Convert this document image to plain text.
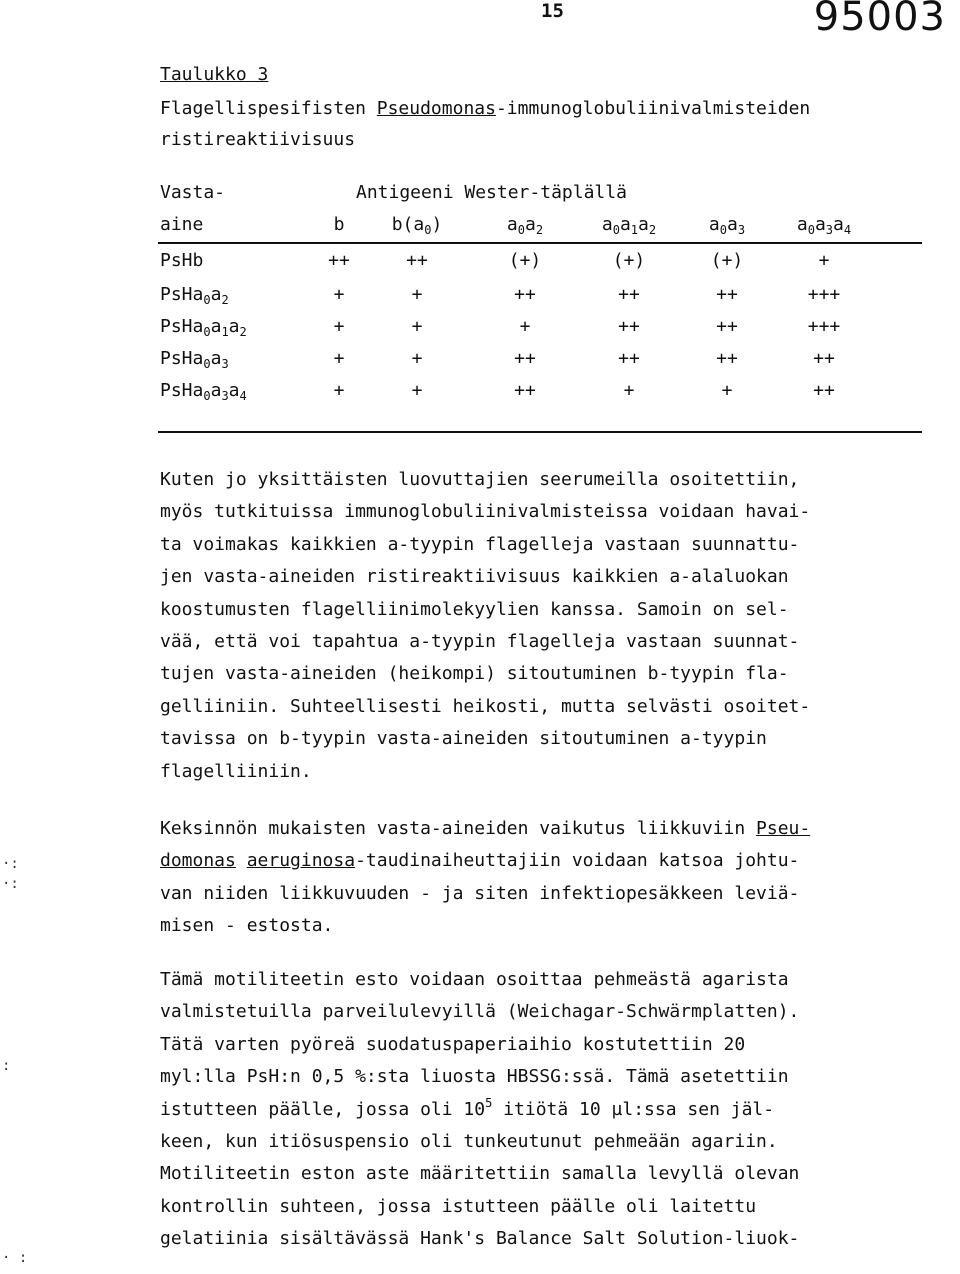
15	95003
Taulukko 3
Flagellispesifisten Pseudomonas-immunoglobuliinivalmisteiden
ristireaktiivisuus
Vasta-	Antigeeni Wester-täplällä
aine	b	$b(a_0)$	$a_0a_2$	$a_0a_1a_2$	$a_0a_3$	$a_0a_3a_4$
PsHb	++	++	(+)	(+)	(+)	+
$PsHa_0a_2$	+	+	++	++	++	+++
$PsHa_0a_1a_2$	+	+	+	++	++	+++
$PsHa_0a_3$	+	+	++	++	++	++
$PsHa_0a_3a_4$	+	+	++	+	+	++
Kuten jo yksittäisten luovuttajien seerumeilla osoitettiin,
myös tutkituissa immunoglobuliinivalmisteissa voidaan havai-
ta voimakas kaikkien a-tyypin flagelleja vastaan suunnattu-
jen vasta-aineiden ristireaktiivisuus kaikkien a-alaluokan
koostumusten flagelliinimolekyylien kanssa. Samoin on sel-
vää, että voi tapahtua a-tyypin flagelleja vastaan suunnat-
tujen vasta-aineiden (heikompi) sitoutuminen b-tyypin fla-
gelliiniin. Suhteellisesti heikosti, mutta selvästi osoitet-
tavissa on b-tyypin vasta-aineiden sitoutuminen a-tyypin
flagelliiniin.
Keksinnön mukaisten vasta-aineiden vaikutus liikkuviin Pseu-
domonas aeruginosa-taudinaiheuttajiin voidaan katsoa johtu-
van niiden liikkuvuuden - ja siten infektiopesäkkeen leviä-
misen - estosta.
Tämä motiliteetin esto voidaan osoittaa pehmeästä agarista
valmistetuilla parveilulevyillä (Weichagar-Schwärmplatten).
Tätä varten pyöreä suodatuspaperiaihio kostutettiin 20
myl:lla PsH:n 0,5 %:sta liuosta HBSSG:ssä. Tämä asetettiin
istutteen päälle, jossa oli $10^5$ itiötä 10 µl:ssa sen jäl-
keen, kun itiösuspensio oli tunkeutunut pehmeään agariin.
Motiliteetin eston aste määritettiin samalla levyllä olevan
kontrollin suhteen, jossa istutteen päälle oli laitettu
gelatiinia sisältävässä Hank's Balance Salt Solution-liuok-
·:
·:
:
· :
